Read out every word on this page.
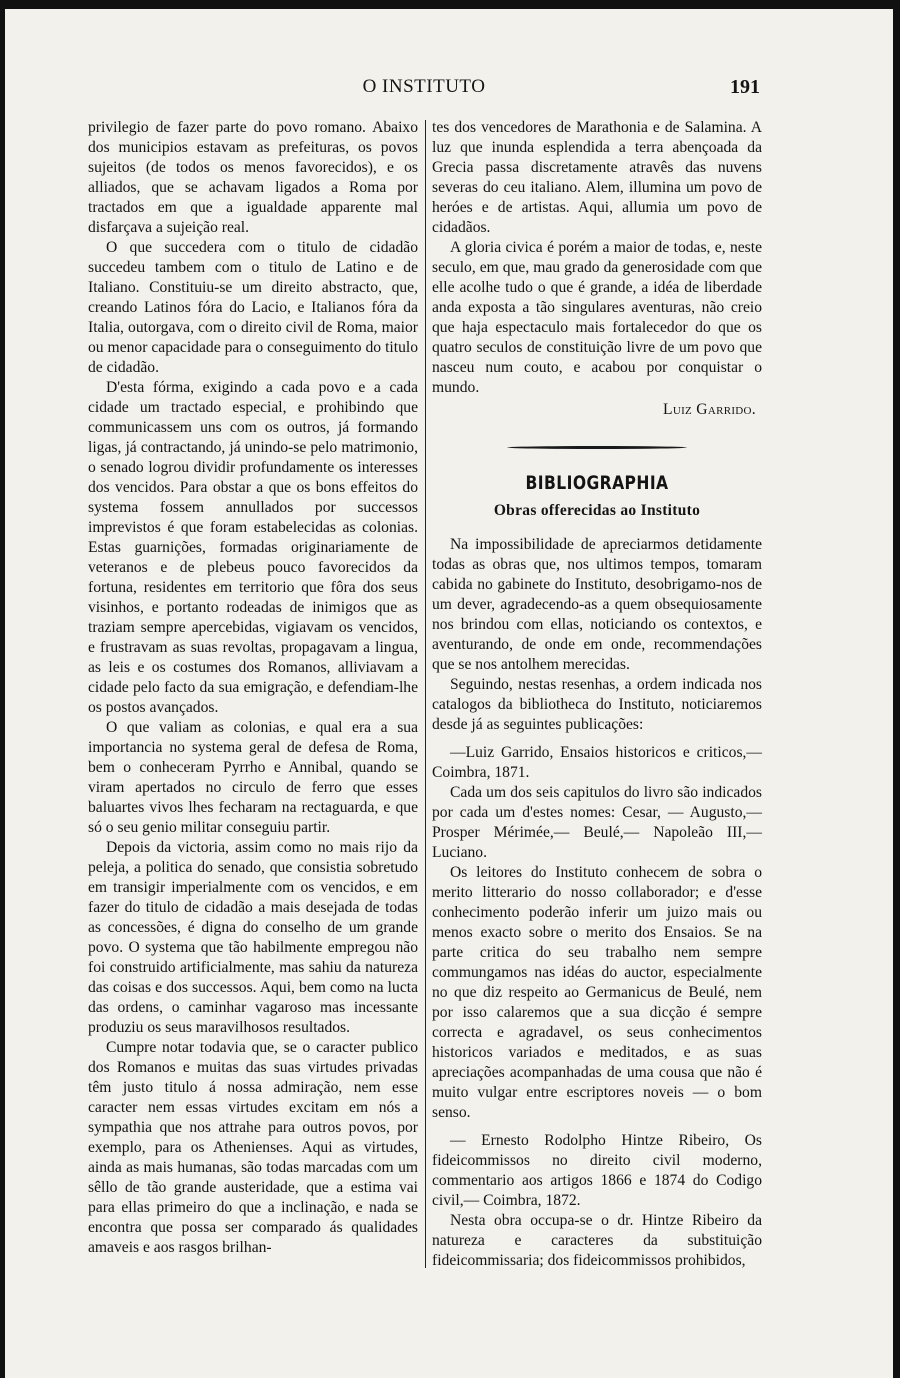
O INSTITUTO	191

privilegio de fazer parte do povo romano. Abaixo dos municipios estavam as prefeituras, os povos sujeitos (de todos os menos favorecidos), e os alliados, que se achavam ligados a Roma por tractados em que a igualdade apparente mal disfarçava a sujeição real.

O que succedera com o titulo de cidadão succedeu tambem com o titulo de Latino e de Italiano. Constituiu-se um direito abstracto, que, creando Latinos fóra do Lacio, e Italianos fóra da Italia, outorgava, com o direito civil de Roma, maior ou menor capacidade para o conseguimento do titulo de cidadão.

D'esta fórma, exigindo a cada povo e a cada cidade um tractado especial, e prohibindo que communicassem uns com os outros, já formando ligas, já contractando, já unindo-se pelo matrimonio, o senado logrou dividir profundamente os interesses dos vencidos. Para obstar a que os bons effeitos do systema fossem annullados por successos imprevistos é que foram estabelecidas as colonias. Estas guarnições, formadas originariamente de veteranos e de plebeus pouco favorecidos da fortuna, residentes em territorio que fôra dos seus visinhos, e portanto rodeadas de inimigos que as traziam sempre apercebidas, vigiavam os vencidos, e frustravam as suas revoltas, propagavam a lingua, as leis e os costumes dos Romanos, alliviavam a cidade pelo facto da sua emigração, e defendiam-lhe os postos avançados.

O que valiam as colonias, e qual era a sua importancia no systema geral de defesa de Roma, bem o conheceram Pyrrho e Annibal, quando se viram apertados no circulo de ferro que esses baluartes vivos lhes fecharam na rectaguarda, e que só o seu genio militar conseguiu partir.

Depois da victoria, assim como no mais rijo da peleja, a politica do senado, que consistia sobretudo em transigir imperialmente com os vencidos, e em fazer do titulo de cidadão a mais desejada de todas as concessões, é digna do conselho de um grande povo. O systema que tão habilmente empregou não foi construido artificialmente, mas sahiu da natureza das coisas e dos successos. Aqui, bem como na lucta das ordens, o caminhar vagaroso mas incessante produziu os seus maravilhosos resultados.

Cumpre notar todavia que, se o caracter publico dos Romanos e muitas das suas virtudes privadas têm justo titulo á nossa admiração, nem esse caracter nem essas virtudes excitam em nós a sympathia que nos attrahe para outros povos, por exemplo, para os Athenienses. Aqui as virtudes, ainda as mais humanas, são todas marcadas com um sêllo de tão grande austeridade, que a estima vai para ellas primeiro do que a inclinação, e nada se encontra que possa ser comparado ás qualidades amaveis e aos rasgos brilhan-

tes dos vencedores de Marathonia e de Salamina. A luz que inunda esplendida a terra abençoada da Grecia passa discretamente atravês das nuvens severas do ceu italiano. Alem, illumina um povo de heróes e de artistas. Aqui, allumia um povo de cidadãos.

A gloria civica é porém a maior de todas, e, neste seculo, em que, mau grado da generosidade com que elle acolhe tudo o que é grande, a idéa de liberdade anda exposta a tão singulares aventuras, não creio que haja espectaculo mais fortalecedor do que os quatro seculos de constituição livre de um povo que nasceu num couto, e acabou por conquistar o mundo.

Luiz Garrido.
BIBLIOGRAPHIA
Obras offerecidas ao Instituto

Na impossibilidade de apreciarmos detidamente todas as obras que, nos ultimos tempos, tomaram cabida no gabinete do Instituto, desobrigamo-nos de um dever, agradecendo-as a quem obsequiosamente nos brindou com ellas, noticiando os contextos, e aventurando, de onde em onde, recommendações que se nos antolhem merecidas.

Seguindo, nestas resenhas, a ordem indicada nos catalogos da bibliotheca do Instituto, noticiaremos desde já as seguintes publicações:

—Luiz Garrido, Ensaios historicos e criticos,— Coimbra, 1871.

Cada um dos seis capitulos do livro são indicados por cada um d'estes nomes: Cesar, — Augusto,— Prosper Mérimée,— Beulé,— Napoleão III,— Luciano.

Os leitores do Instituto conhecem de sobra o merito litterario do nosso collaborador; e d'esse conhecimento poderão inferir um juizo mais ou menos exacto sobre o merito dos Ensaios. Se na parte critica do seu trabalho nem sempre commungamos nas idéas do auctor, especialmente no que diz respeito ao Germanicus de Beulé, nem por isso calaremos que a sua dicção é sempre correcta e agradavel, os seus conhecimentos historicos variados e meditados, e as suas apreciações acompanhadas de uma cousa que não é muito vulgar entre escriptores noveis — o bom senso.

— Ernesto Rodolpho Hintze Ribeiro, Os fideicommissos no direito civil moderno, commentario aos artigos 1866 e 1874 do Codigo civil,— Coimbra, 1872.

Nesta obra occupa-se o dr. Hintze Ribeiro da natureza e caracteres da substituição fideicommissaria; dos fideicommissos prohibidos,
